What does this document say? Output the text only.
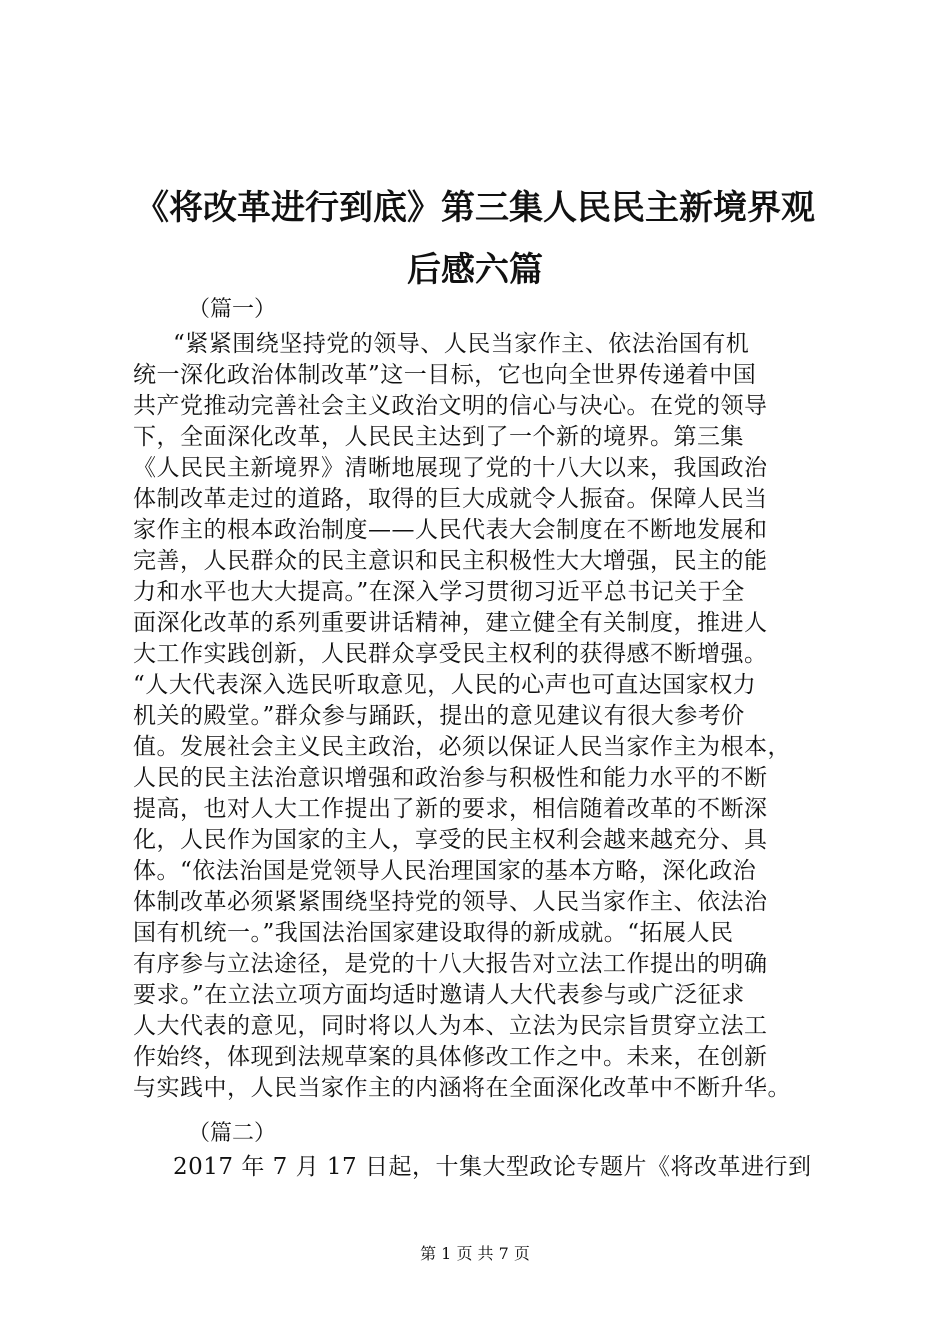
《将改革进行到底》第三集人民民主新境界观
后感六篇
（篇一）
“紧紧围绕坚持党的领导、人民当家作主、依法治国有机
统一深化政治体制改革”这一目标，它也向全世界传递着中国
共产党推动完善社会主义政治文明的信心与决心。在党的领导
下，全面深化改革，人民民主达到了一个新的境界。第三集
《人民民主新境界》清晰地展现了党的十八大以来，我国政治
体制改革走过的道路，取得的巨大成就令人振奋。保障人民当
家作主的根本政治制度——人民代表大会制度在不断地发展和
完善，人民群众的民主意识和民主积极性大大增强，民主的能
力和水平也大大提高。”在深入学习贯彻习近平总书记关于全
面深化改革的系列重要讲话精神，建立健全有关制度，推进人
大工作实践创新，人民群众享受民主权利的获得感不断增强。
“人大代表深入选民听取意见，人民的心声也可直达国家权力
机关的殿堂。”群众参与踊跃，提出的意见建议有很大参考价
值。发展社会主义民主政治，必须以保证人民当家作主为根本，
人民的民主法治意识增强和政治参与积极性和能力水平的不断
提高，也对人大工作提出了新的要求，相信随着改革的不断深
化，人民作为国家的主人，享受的民主权利会越来越充分、具
体。“依法治国是党领导人民治理国家的基本方略，深化政治
体制改革必须紧紧围绕坚持党的领导、人民当家作主、依法治
国有机统一。”我国法治国家建设取得的新成就。“拓展人民
有序参与立法途径，是党的十八大报告对立法工作提出的明确
要求。”在立法立项方面均适时邀请人大代表参与或广泛征求
人大代表的意见，同时将以人为本、立法为民宗旨贯穿立法工
作始终，体现到法规草案的具体修改工作之中。未来，在创新
与实践中，人民当家作主的内涵将在全面深化改革中不断升华。
（篇二）
2017 年 7 月 17 日起，十集大型政论专题片《将改革进行到
第 1 页 共 7 页
